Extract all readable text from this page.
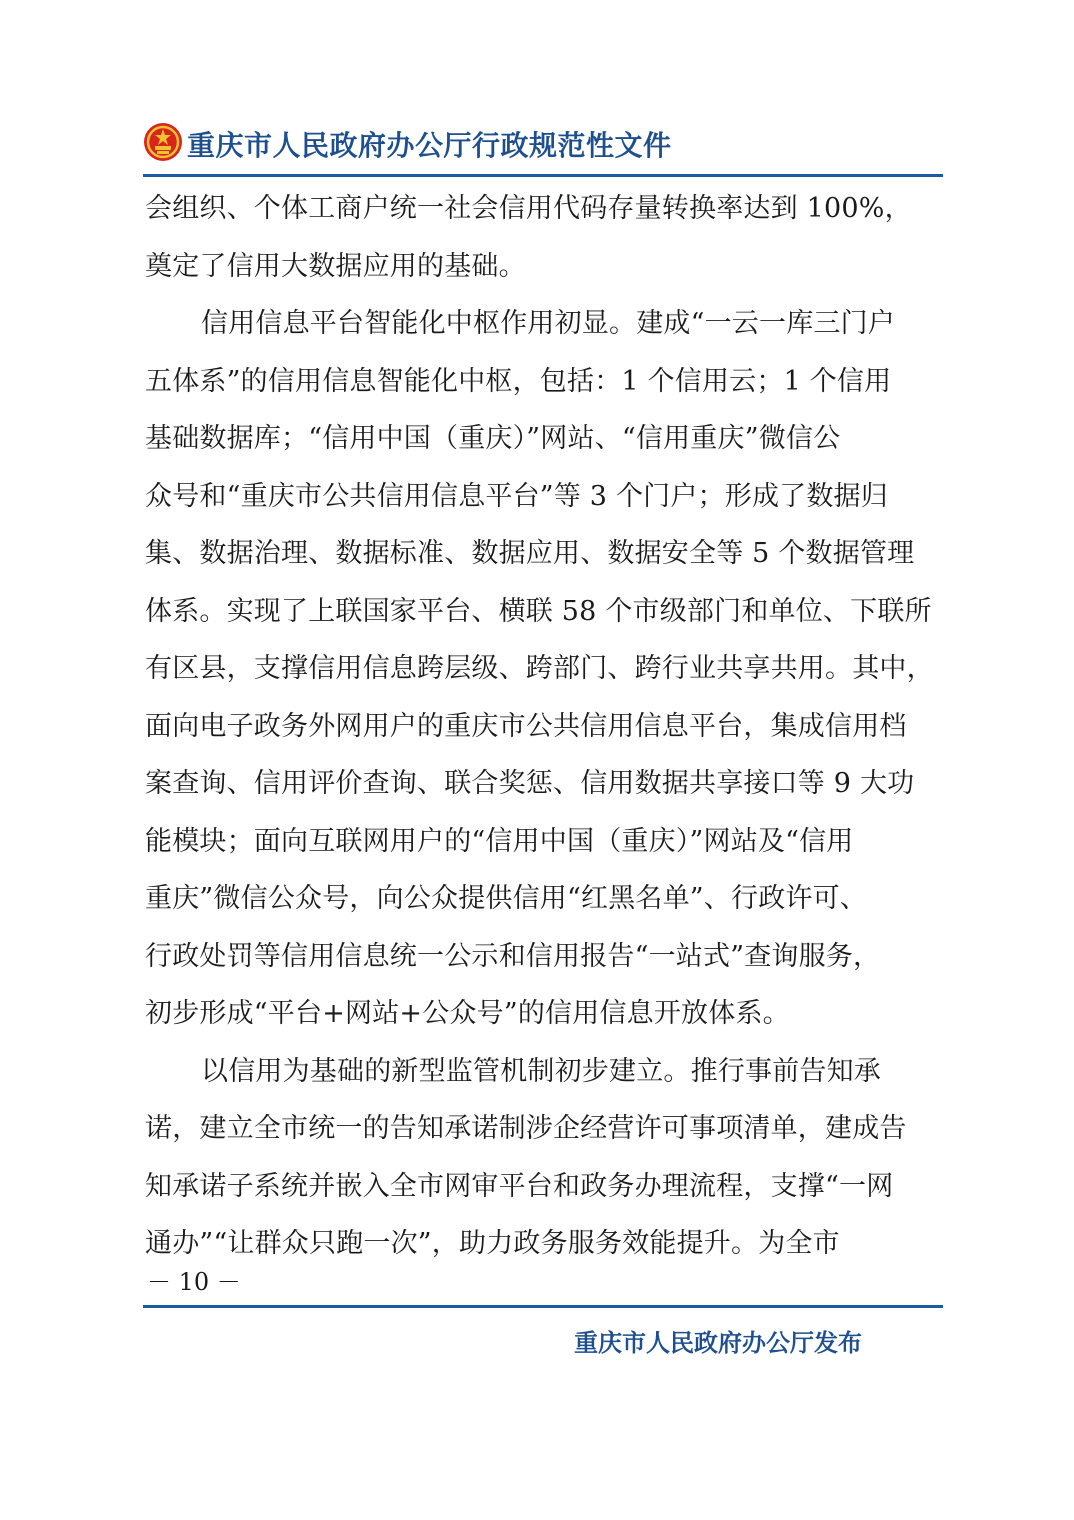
重庆市人民政府办公厅行政规范性文件
会组织、个体工商户统一社会信用代码存量转换率达到 100%，
奠定了信用大数据应用的基础。
信用信息平台智能化中枢作用初显。建成“一云一库三门户
五体系”的信用信息智能化中枢，包括：1 个信用云；1 个信用
基础数据库；“信用中国（重庆）”网站、“信用重庆”微信公
众号和“重庆市公共信用信息平台”等 3 个门户；形成了数据归
集、数据治理、数据标准、数据应用、数据安全等 5 个数据管理
体系。实现了上联国家平台、横联 58 个市级部门和单位、下联所
有区县，支撑信用信息跨层级、跨部门、跨行业共享共用。其中，
面向电子政务外网用户的重庆市公共信用信息平台，集成信用档
案查询、信用评价查询、联合奖惩、信用数据共享接口等 9 大功
能模块；面向互联网用户的“信用中国（重庆）”网站及“信用
重庆”微信公众号，向公众提供信用“红黑名单”、行政许可、
行政处罚等信用信息统一公示和信用报告“一站式”查询服务，
初步形成“平台+网站+公众号”的信用信息开放体系。
以信用为基础的新型监管机制初步建立。推行事前告知承
诺，建立全市统一的告知承诺制涉企经营许可事项清单，建成告
知承诺子系统并嵌入全市网审平台和政务办理流程，支撑“一网
通办”“让群众只跑一次”，助力政务服务效能提升。为全市
－ 10 －
重庆市人民政府办公厅发布
